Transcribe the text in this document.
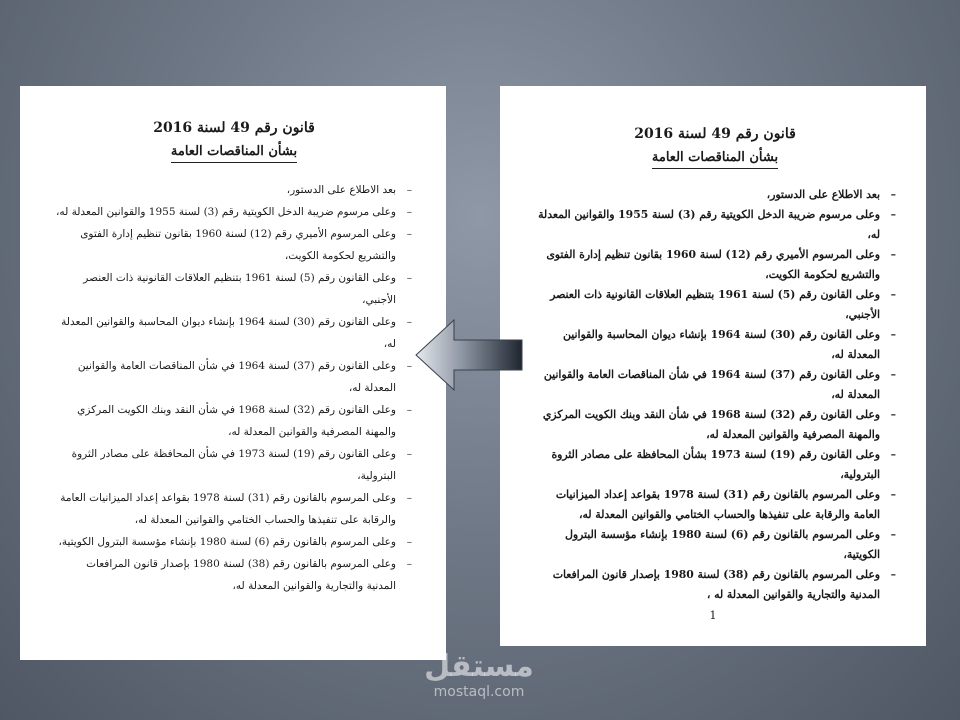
قانون رقم 49 لسنة 2016
بشأن المناقصات العامة
– بعد الاطلاع على الدستور،
– وعلى مرسوم ضريبة الدخل الكويتية رقم (3) لسنة 1955 والقوانين المعدلة له،
– وعلى المرسوم الأميري رقم (12) لسنة 1960 بقانون تنظيم إدارة الفتوى والتشريع لحكومة الكويت،
– وعلى القانون رقم (5) لسنة 1961 بتنظيم العلاقات القانونية ذات العنصر الأجنبي،
– وعلى القانون رقم (30) لسنة 1964 بإنشاء ديوان المحاسبة والقوانين المعدلة له،
– وعلى القانون رقم (37) لسنة 1964 في شأن المناقصات العامة والقوانين المعدلة له،
– وعلى القانون رقم (32) لسنة 1968 في شأن النقد وبنك الكويت المركزي والمهنة المصرفية والقوانين المعدلة له،
– وعلى القانون رقم (19) لسنة 1973 في شأن المحافظة على مصادر الثروة البترولية،
– وعلى المرسوم بالقانون رقم (31) لسنة 1978 بقواعد إعداد الميزانيات العامة والرقابة على تنفيذها والحساب الختامي والقوانين المعدلة له،
– وعلى المرسوم بالقانون رقم (6) لسنة 1980 بإنشاء مؤسسة البترول الكويتية،
– وعلى المرسوم بالقانون رقم (38) لسنة 1980 بإصدار قانون المرافعات المدنية والتجارية والقوانين المعدلة له،
قانون رقم 49 لسنة 2016
بشأن المناقصات العامة
– بعد الاطلاع على الدستور،
– وعلى مرسوم ضريبة الدخل الكويتية رقم (3) لسنة 1955 والقوانين المعدلة له،
– وعلى المرسوم الأميري رقم (12) لسنة 1960 بقانون تنظيم إدارة الفتوى والتشريع لحكومة الكويت،
– وعلى القانون رقم (5) لسنة 1961 بتنظيم العلاقات القانونية ذات العنصر الأجنبي،
– وعلى القانون رقم (30) لسنة 1964 بإنشاء ديوان المحاسبة والقوانين المعدلة له،
– وعلى القانون رقم (37) لسنة 1964 في شأن المناقصات العامة والقوانين المعدلة له،
– وعلى القانون رقم (32) لسنة 1968 في شأن النقد وبنك الكويت المركزي والمهنة المصرفية والقوانين المعدلة له،
– وعلى القانون رقم (19) لسنة 1973 بشأن المحافظة على مصادر الثروة البترولية،
– وعلى المرسوم بالقانون رقم (31) لسنة 1978 بقواعد إعداد الميزانيات العامة والرقابة على تنفيذها والحساب الختامي والقوانين المعدلة له،
– وعلى المرسوم بالقانون رقم (6) لسنة 1980 بإنشاء مؤسسة البترول الكويتية،
– وعلى المرسوم بالقانون رقم (38) لسنة 1980 بإصدار قانون المرافعات المدنية والتجارية والقوانين المعدلة له ،
1
مستقل
mostaql.com
